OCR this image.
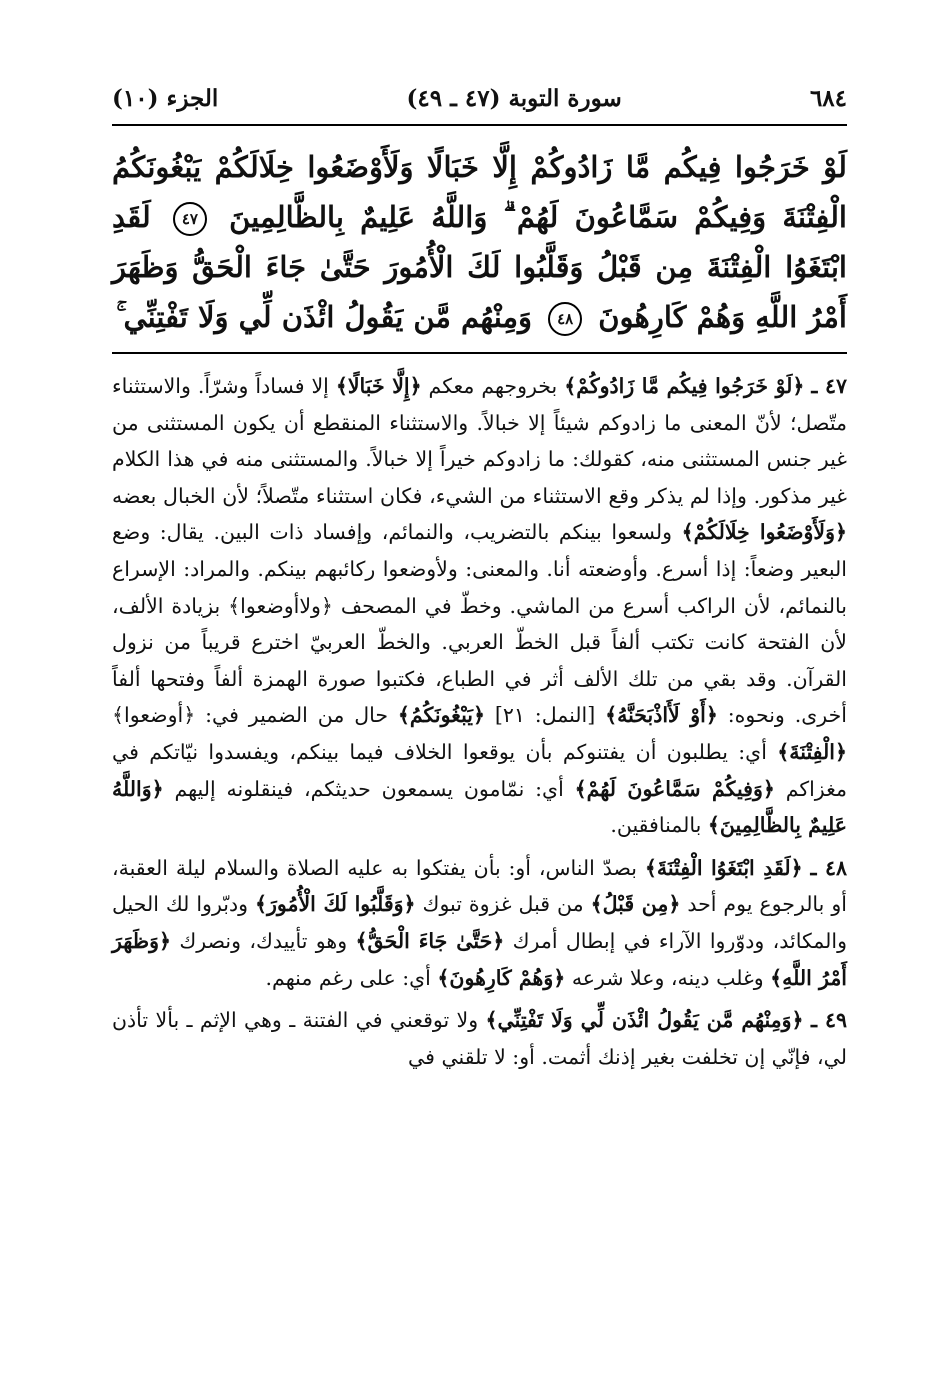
٦٨٤
سورة التوبة (٤٧ ـ ٤٩)
الجزء (١٠)
لَوْ خَرَجُوا فِيكُم مَّا زَادُوكُمْ إِلَّا خَبَالًا وَلَأَوْضَعُوا خِلَالَكُمْ يَبْغُونَكُمُ الْفِتْنَةَ وَفِيكُمْ سَمَّاعُونَ لَهُمْ ۗ وَاللَّهُ عَلِيمٌ بِالظَّالِمِينَ ٤٧ لَقَدِ ابْتَغَوُا الْفِتْنَةَ مِن قَبْلُ وَقَلَّبُوا لَكَ الْأُمُورَ حَتَّىٰ جَاءَ الْحَقُّ وَظَهَرَ أَمْرُ اللَّهِ وَهُمْ كَارِهُونَ ٤٨ وَمِنْهُم مَّن يَقُولُ ائْذَن لِّي وَلَا تَفْتِنِّي ۚ

٤٧ ـ ﴿لَوْ خَرَجُوا فِيكُم مَّا زَادُوكُمْ﴾ بخروجهم معكم ﴿إِلَّا خَبَالًا﴾ إلا فساداً وشرّاً. والاستثناء متّصل؛ لأنّ المعنى ما زادوكم شيئاً إلا خبالاً. والاستثناء المنقطع أن يكون المستثنى من غير جنس المستثنى منه، كقولك: ما زادوكم خيراً إلا خبالاً. والمستثنى منه في هذا الكلام غير مذكور. وإذا لم يذكر وقع الاستثناء من الشيء، فكان استثناء متّصلاً؛ لأن الخبال بعضه ﴿وَلَأَوْضَعُوا خِلَالَكُمْ﴾ ولسعوا بينكم بالتضريب، والنمائم، وإفساد ذات البين. يقال: وضع البعير وضعاً: إذا أسرع. وأوضعته أنا. والمعنى: ولأوضعوا ركائبهم بينكم. والمراد: الإسراع بالنمائم، لأن الراكب أسرع من الماشي. وخطّ في المصحف ﴿ولاأوضعوا﴾ بزيادة الألف، لأن الفتحة كانت تكتب ألفاً قبل الخطّ العربي. والخطّ العربيّ اخترع قريباً من نزول القرآن. وقد بقي من تلك الألف أثر في الطباع، فكتبوا صورة الهمزة ألفاً وفتحها ألفاً أخرى. ونحوه: ﴿أَوْ لَأَاذْبَحَنَّهُ﴾ [النمل: ٢١] ﴿يَبْغُونَكُمُ﴾ حال من الضمير في: ﴿أوضعوا﴾ ﴿الْفِتْنَةَ﴾ أي: يطلبون أن يفتنوكم بأن يوقعوا الخلاف فيما بينكم، ويفسدوا نيّاتكم في مغزاكم ﴿وَفِيكُمْ سَمَّاعُونَ لَهُمْ﴾ أي: نمّامون يسمعون حديثكم، فينقلونه إليهم ﴿وَاللَّهُ عَلِيمٌ بِالظَّالِمِينَ﴾ بالمنافقين.

٤٨ ـ ﴿لَقَدِ ابْتَغَوُا الْفِتْنَةَ﴾ بصدّ الناس، أو: بأن يفتكوا به عليه الصلاة والسلام ليلة العقبة، أو بالرجوع يوم أحد ﴿مِن قَبْلُ﴾ من قبل غزوة تبوك ﴿وَقَلَّبُوا لَكَ الْأُمُورَ﴾ ودبّروا لك الحيل والمكائد، ودوّروا الآراء في إبطال أمرك ﴿حَتَّىٰ جَاءَ الْحَقُّ﴾ وهو تأييدك، ونصرك ﴿وَظَهَرَ أَمْرُ اللَّهِ﴾ وغلب دينه، وعلا شرعه ﴿وَهُمْ كَارِهُونَ﴾ أي: على رغم منهم.

٤٩ ـ ﴿وَمِنْهُم مَّن يَقُولُ ائْذَن لِّي وَلَا تَفْتِنِّي﴾ ولا توقعني في الفتنة ـ وهي الإثم ـ بألا تأذن لي، فإنّي إن تخلفت بغير إذنك أثمت. أو: لا تلقني في
